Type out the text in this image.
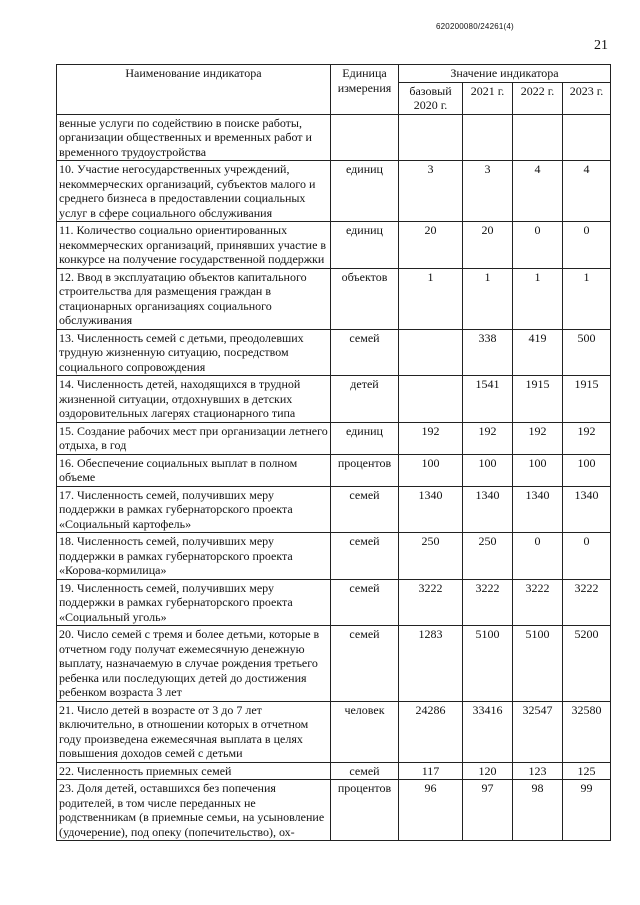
620200080/24261(4)
21
Наименование индикатора	Единица измерения	Значение индикатора			
		базовый 2020 г.	2021 г.	2022 г.	2023 г.
венные услуги по содействию в поиске работы, организации общественных и временных работ и временного трудоустройства					
10. Участие негосударственных учреждений, некоммерческих организаций, субъектов малого и среднего бизнеса в предоставлении социальных услуг в сфере социального обслуживания	единиц	3	3	4	4
11. Количество социально ориентированных некоммерческих организаций, принявших участие в конкурсе на получение государственной поддержки	единиц	20	20	0	0
12. Ввод в эксплуатацию объектов капитального строительства для размещения граждан в стационарных организациях социального обслуживания	объектов	1	1	1	1
13. Численность семей с детьми, преодолевших трудную жизненную ситуацию, посредством социального сопровождения	семей		338	419	500
14. Численность детей, находящихся в трудной жизненной ситуации, отдохнувших в детских оздоровительных лагерях стационарного типа	детей		1541	1915	1915
15. Создание рабочих мест при организации летнего отдыха, в год	единиц	192	192	192	192
16. Обеспечение социальных выплат в полном объеме	процентов	100	100	100	100
17. Численность семей, получивших меру поддержки в рамках губернаторского проекта «Социальный картофель»	семей	1340	1340	1340	1340
18. Численность семей, получивших меру поддержки в рамках губернаторского проекта «Корова-кормилица»	семей	250	250	0	0
19. Численность семей, получивших меру поддержки в рамках губернаторского проекта «Социальный уголь»	семей	3222	3222	3222	3222
20. Число семей с тремя и более детьми, которые в отчетном году получат ежемесячную денежную выплату, назначаемую в случае рождения третьего ребенка или последующих детей до достижения ребенком возраста 3 лет	семей	1283	5100	5100	5200
21. Число детей в возрасте от 3 до 7 лет включительно, в отношении которых в отчетном году произведена ежемесячная выплата в целях повышения доходов семей с детьми	человек	24286	33416	32547	32580
22. Численность приемных семей	семей	117	120	123	125
23. Доля детей, оставшихся без попечения родителей, в том числе переданных не родственникам (в приемные семьи, на усыновление (удочерение), под опеку (попечительство), ох-	процентов	96	97	98	99
